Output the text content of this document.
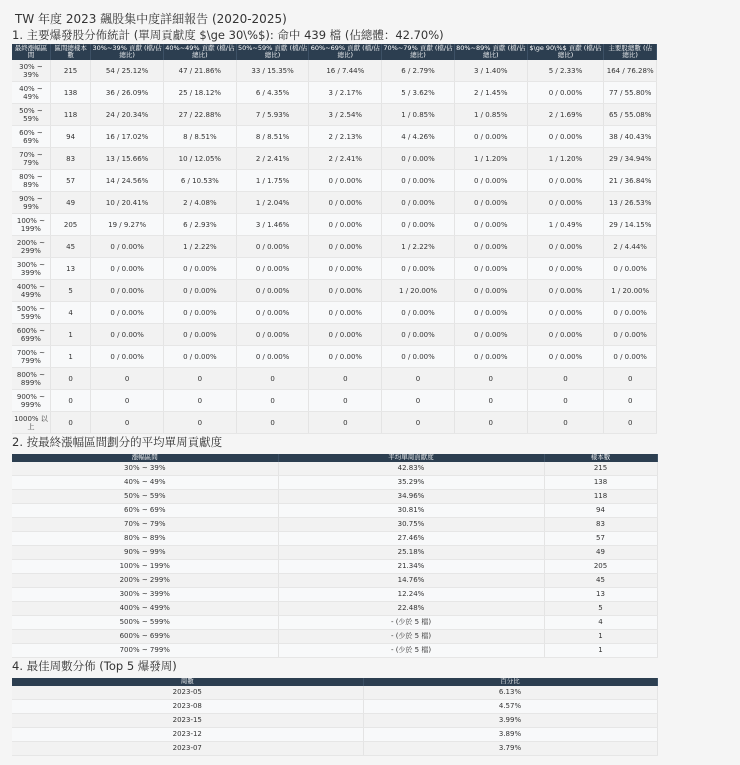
TW 年度 2023 飆股集中度詳細報告 (2020-2025)
1. 主要爆發股分佈統計 (單周貢獻度 $\ge 30\%$): 命中 439 檔 (佔總體：42.70%)
最終漲幅區間	區間總樣本數	30%~39% 貢獻 (檔/佔總比)	40%~49% 貢獻 (檔/佔總比)	50%~59% 貢獻 (檔/佔總比)	60%~69% 貢獻 (檔/佔總比)	70%~79% 貢獻 (檔/佔總比)	80%~89% 貢獻 (檔/佔總比)	$\ge 90\%$ 貢獻 (檔/佔總比)	主要股總數 (佔總比)
30% ~ 39%	215	54 / 25.12%	47 / 21.86%	33 / 15.35%	16 / 7.44%	6 / 2.79%	3 / 1.40%	5 / 2.33%	164 / 76.28%
40% ~ 49%	138	36 / 26.09%	25 / 18.12%	6 / 4.35%	3 / 2.17%	5 / 3.62%	2 / 1.45%	0 / 0.00%	77 / 55.80%
50% ~ 59%	118	24 / 20.34%	27 / 22.88%	7 / 5.93%	3 / 2.54%	1 / 0.85%	1 / 0.85%	2 / 1.69%	65 / 55.08%
60% ~ 69%	94	16 / 17.02%	8 / 8.51%	8 / 8.51%	2 / 2.13%	4 / 4.26%	0 / 0.00%	0 / 0.00%	38 / 40.43%
70% ~ 79%	83	13 / 15.66%	10 / 12.05%	2 / 2.41%	2 / 2.41%	0 / 0.00%	1 / 1.20%	1 / 1.20%	29 / 34.94%
80% ~ 89%	57	14 / 24.56%	6 / 10.53%	1 / 1.75%	0 / 0.00%	0 / 0.00%	0 / 0.00%	0 / 0.00%	21 / 36.84%
90% ~ 99%	49	10 / 20.41%	2 / 4.08%	1 / 2.04%	0 / 0.00%	0 / 0.00%	0 / 0.00%	0 / 0.00%	13 / 26.53%
100% ~ 199%	205	19 / 9.27%	6 / 2.93%	3 / 1.46%	0 / 0.00%	0 / 0.00%	0 / 0.00%	1 / 0.49%	29 / 14.15%
200% ~ 299%	45	0 / 0.00%	1 / 2.22%	0 / 0.00%	0 / 0.00%	1 / 2.22%	0 / 0.00%	0 / 0.00%	2 / 4.44%
300% ~ 399%	13	0 / 0.00%	0 / 0.00%	0 / 0.00%	0 / 0.00%	0 / 0.00%	0 / 0.00%	0 / 0.00%	0 / 0.00%
400% ~ 499%	5	0 / 0.00%	0 / 0.00%	0 / 0.00%	0 / 0.00%	1 / 20.00%	0 / 0.00%	0 / 0.00%	1 / 20.00%
500% ~ 599%	4	0 / 0.00%	0 / 0.00%	0 / 0.00%	0 / 0.00%	0 / 0.00%	0 / 0.00%	0 / 0.00%	0 / 0.00%
600% ~ 699%	1	0 / 0.00%	0 / 0.00%	0 / 0.00%	0 / 0.00%	0 / 0.00%	0 / 0.00%	0 / 0.00%	0 / 0.00%
700% ~ 799%	1	0 / 0.00%	0 / 0.00%	0 / 0.00%	0 / 0.00%	0 / 0.00%	0 / 0.00%	0 / 0.00%	0 / 0.00%
800% ~ 899%	0	0	0	0	0	0	0	0	0
900% ~ 999%	0	0	0	0	0	0	0	0	0
1000% 以上	0	0	0	0	0	0	0	0	0
2. 按最終漲幅區間劃分的平均單周貢獻度
漲幅區間	平均單周貢獻度	樣本數
30% ~ 39%	42.83%	215
40% ~ 49%	35.29%	138
50% ~ 59%	34.96%	118
60% ~ 69%	30.81%	94
70% ~ 79%	30.75%	83
80% ~ 89%	27.46%	57
90% ~ 99%	25.18%	49
100% ~ 199%	21.34%	205
200% ~ 299%	14.76%	45
300% ~ 399%	12.24%	13
400% ~ 499%	22.48%	5
500% ~ 599%	- (少於 5 檔)	4
600% ~ 699%	- (少於 5 檔)	1
700% ~ 799%	- (少於 5 檔)	1
4. 最佳周數分佈 (Top 5 爆發周)
周數	百分比
2023-05	6.13%
2023-08	4.57%
2023-15	3.99%
2023-12	3.89%
2023-07	3.79%
